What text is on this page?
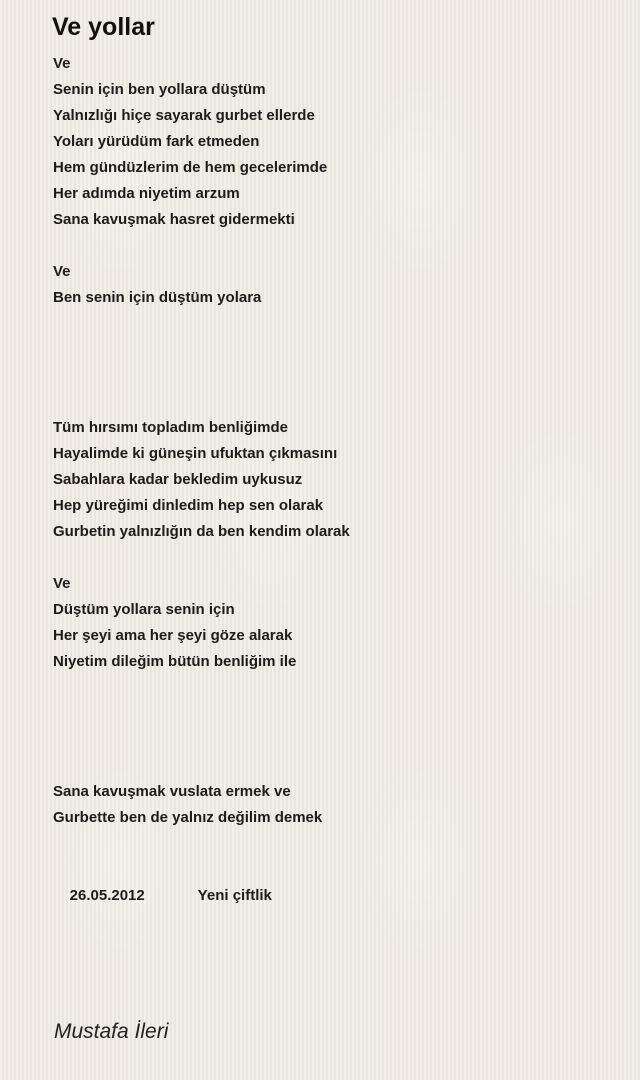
Ve yollar
Ve
Senin için ben yollara düştüm
Yalnızlığı hiçe sayarak gurbet ellerde
Yoları yürüdüm fark etmeden
Hem gündüzlerim de hem gecelerimde
Her adımda niyetim arzum
Sana kavuşmak hasret gidermekti
Ve
Ben senin için düştüm yolara
Tüm hırsımı topladım benliğimde
Hayalimde ki güneşin ufuktan çıkmasını
Sabahlara kadar bekledim uykusuz
Hep yüreğimi dinledim hep sen olarak
Gurbetin yalnızlığın da ben kendim olarak
Ve
Düştüm yollara senin için
Her şeyi ama her şeyi göze alarak
Niyetim dileğim bütün benliğim ile
Sana kavuşmak vuslata ermek ve
Gurbette ben de yalnız değilim demek

26.05.2012	Yeni çiftlik

Mustafa İleri
